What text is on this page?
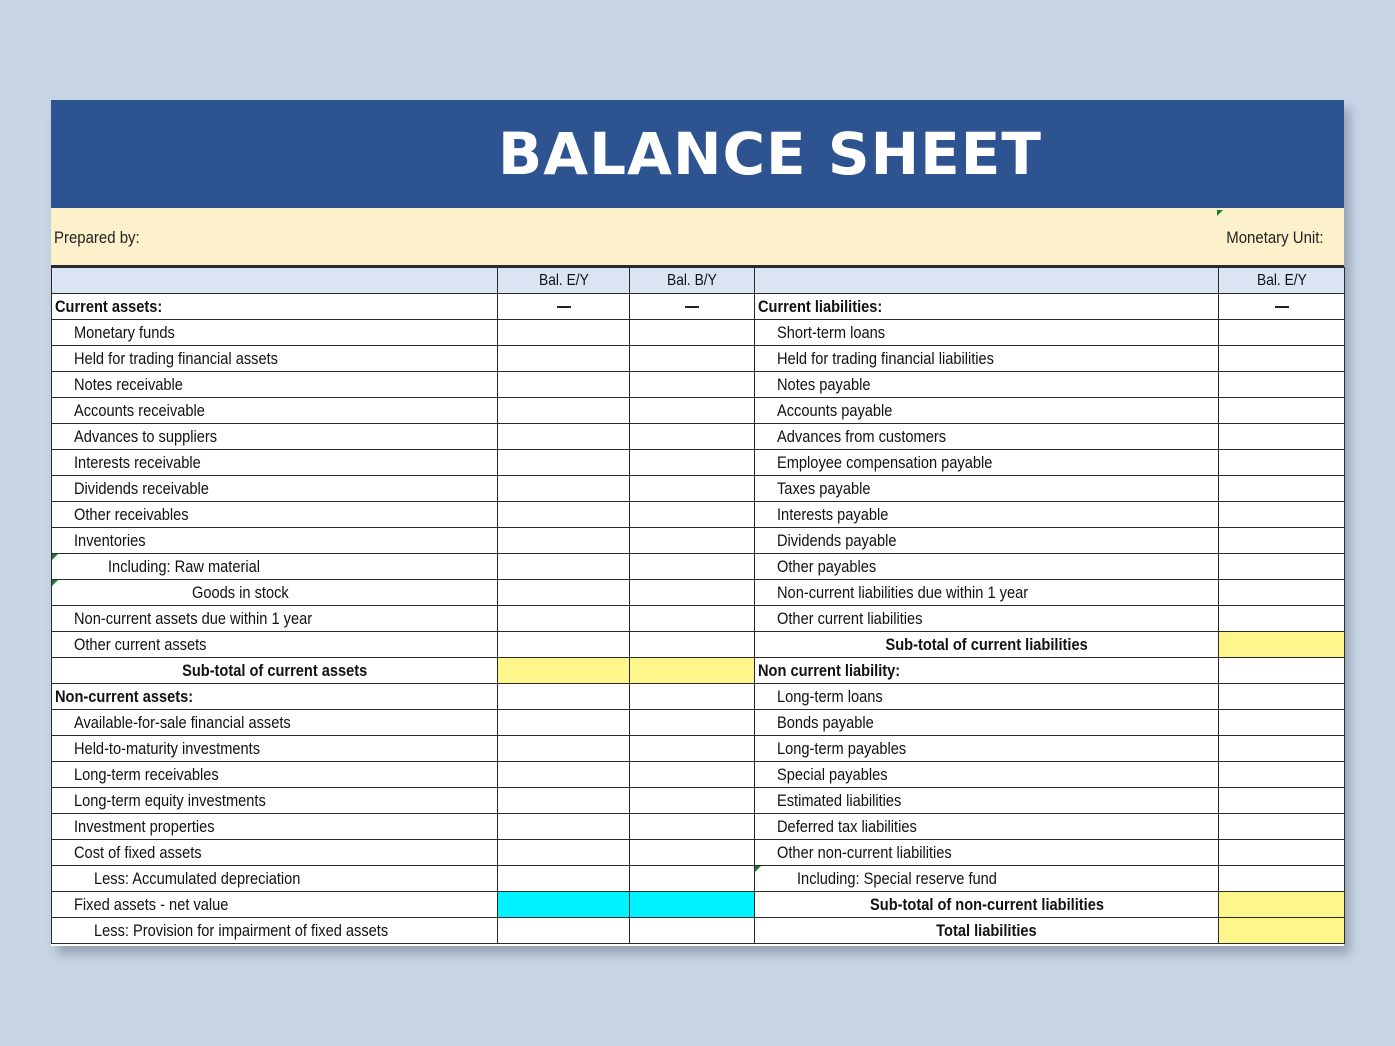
BALANCE SHEET
Prepared by:	Monetary Unit:
	Bal. E/Y	Bal. B/Y		Bal. E/Y
Current assets:			Current liabilities:	
Monetary funds			Short-term loans	
Held for trading financial assets			Held for trading financial liabilities	
Notes receivable			Notes payable	
Accounts receivable			Accounts payable	
Advances to suppliers			Advances from customers	
Interests receivable			Employee compensation payable	
Dividends receivable			Taxes payable	
Other receivables			Interests payable	
Inventories			Dividends payable	

Including: Raw material			Other payables	

Goods in stock			Non-current liabilities due within 1 year	
Non-current assets due within 1 year			Other current liabilities	
Other current assets			Sub-total of current liabilities	
Sub-total of current assets			Non current liability:	
Non-current assets:			Long-term loans	
Available-for-sale financial assets			Bonds payable	
Held-to-maturity investments			Long-term payables	
Long-term receivables			Special payables	
Long-term equity investments			Estimated liabilities	
Investment properties			Deferred tax liabilities	
Cost of fixed assets			Other non-current liabilities	
Less: Accumulated depreciation			Including: Special reserve fund	
Fixed assets - net value			Sub-total of non-current liabilities	
Less: Provision for impairment of fixed assets			Total liabilities	
